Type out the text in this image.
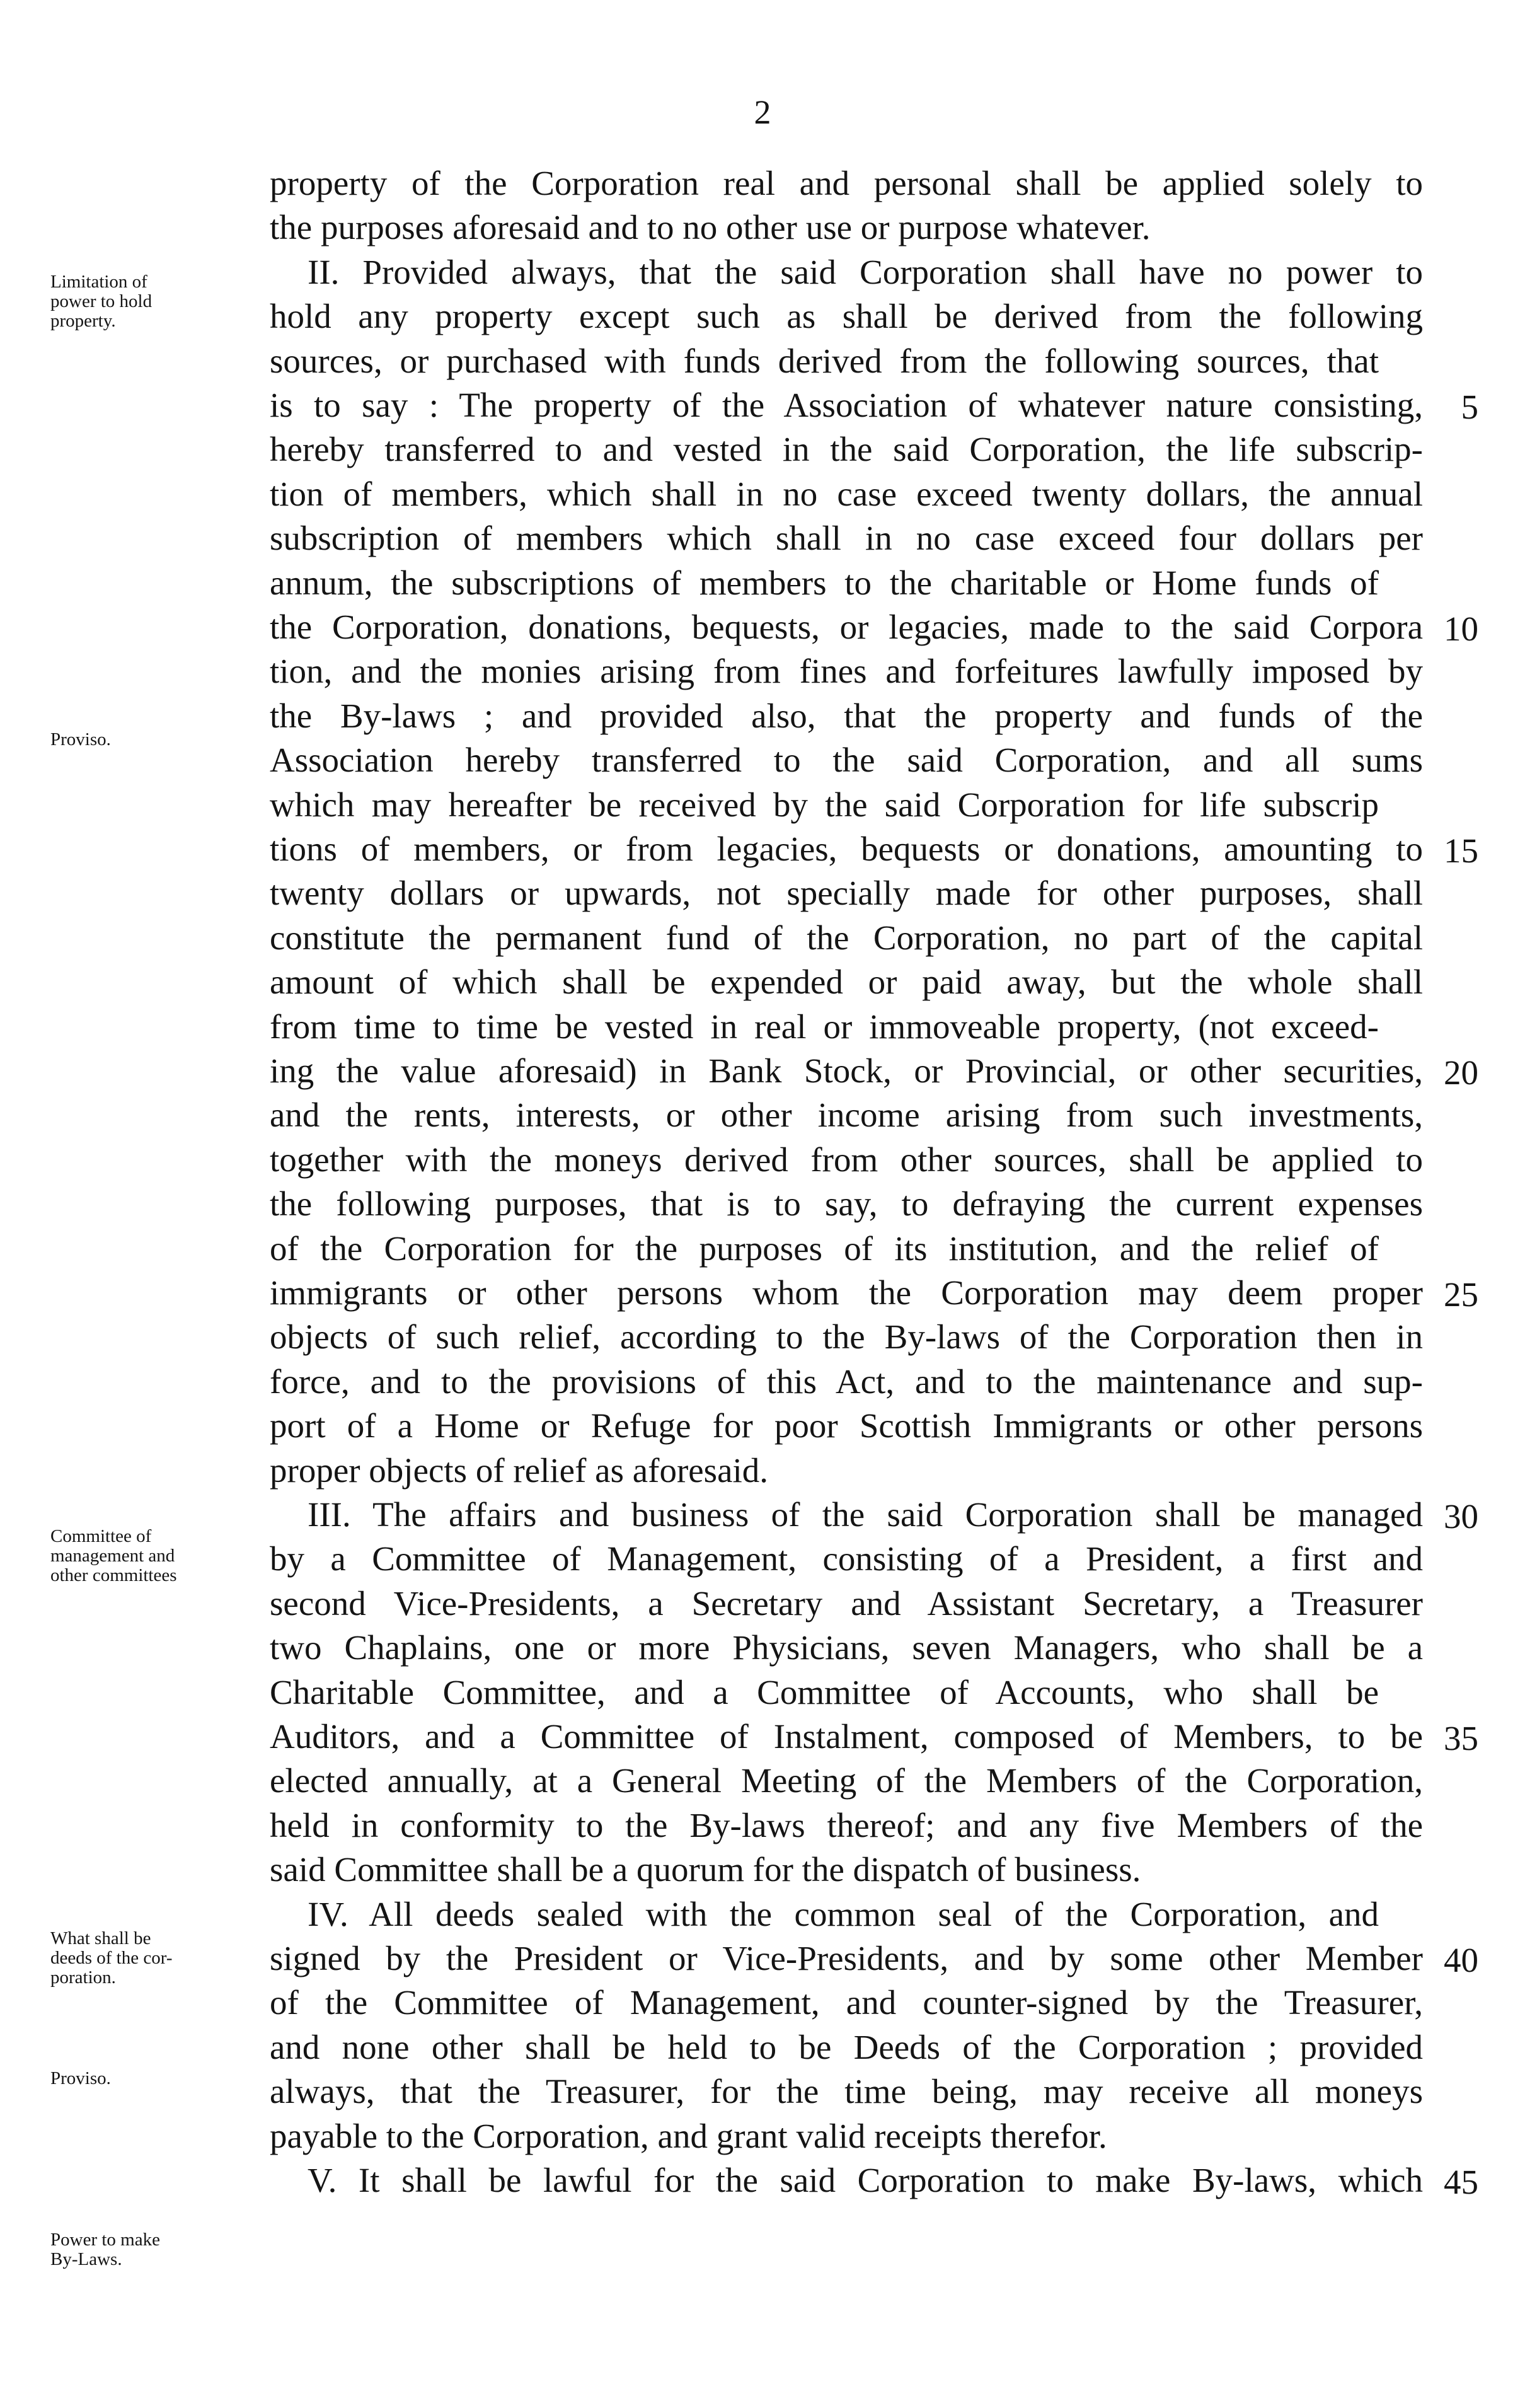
2
property of the Corporation real and personal shall be applied solely to
the purposes aforesaid and to no other use or purpose whatever.
II. Provided always, that the said Corporation shall have no power to
hold any property except such as shall be derived from the following
sources, or purchased with funds derived from the following sources, that
is to say : The property of the Association of whatever nature consisting,
hereby transferred to and vested in the said Corporation, the life subscrip-
tion of members, which shall in no case exceed twenty dollars, the annual
subscription of members which shall in no case exceed four dollars per
annum, the subscriptions of members to the charitable or Home funds of
the Corporation, donations, bequests, or legacies, made to the said Corpora
tion, and the monies arising from fines and forfeitures lawfully imposed by
the By-laws ; and provided also, that the property and funds of the
Association hereby transferred to the said Corporation, and all sums
which may hereafter be received by the said Corporation for life subscrip
tions of members, or from legacies, bequests or donations, amounting to
twenty dollars or upwards, not specially made for other purposes, shall
constitute the permanent fund of the Corporation, no part of the capital
amount of which shall be expended or paid away, but the whole shall
from time to time be vested in real or immoveable property, (not exceed-
ing the value aforesaid) in Bank Stock, or Provincial, or other securities,
and the rents, interests, or other income arising from such investments,
together with the moneys derived from other sources, shall be applied to
the following purposes, that is to say, to defraying the current expenses
of the Corporation for the purposes of its institution, and the relief of
immigrants or other persons whom the Corporation may deem proper
objects of such relief, according to the By-laws of the Corporation then in
force, and to the provisions of this Act, and to the maintenance and sup-
port of a Home or Refuge for poor Scottish Immigrants or other persons
proper objects of relief as aforesaid.
III. The affairs and business of the said Corporation shall be managed
by a Committee of Management, consisting of a President, a first and
second Vice-Presidents, a Secretary and Assistant Secretary, a Treasurer
two Chaplains, one or more Physicians, seven Managers, who shall be a
Charitable Committee, and a Committee of Accounts, who shall be
Auditors, and a Committee of Instalment, composed of Members, to be
elected annually, at a General Meeting of the Members of the Corporation,
held in conformity to the By-laws thereof; and any five Members of the
said Committee shall be a quorum for the dispatch of business.
IV. All deeds sealed with the common seal of the Corporation, and
signed by the President or Vice-Presidents, and by some other Member
of the Committee of Management, and counter-signed by the Treasurer,
and none other shall be held to be Deeds of the Corporation ; provided
always, that the Treasurer, for the time being, may receive all moneys
payable to the Corporation, and grant valid receipts therefor.
V. It shall be lawful for the said Corporation to make By-laws, which
5
10
15
20
25
30
35
40
45
Limitation of
power to hold
property.
Proviso.
Committee of
management and
other committees
What shall be
deeds of the cor-
poration.
Proviso.
Power to make
By-Laws.
